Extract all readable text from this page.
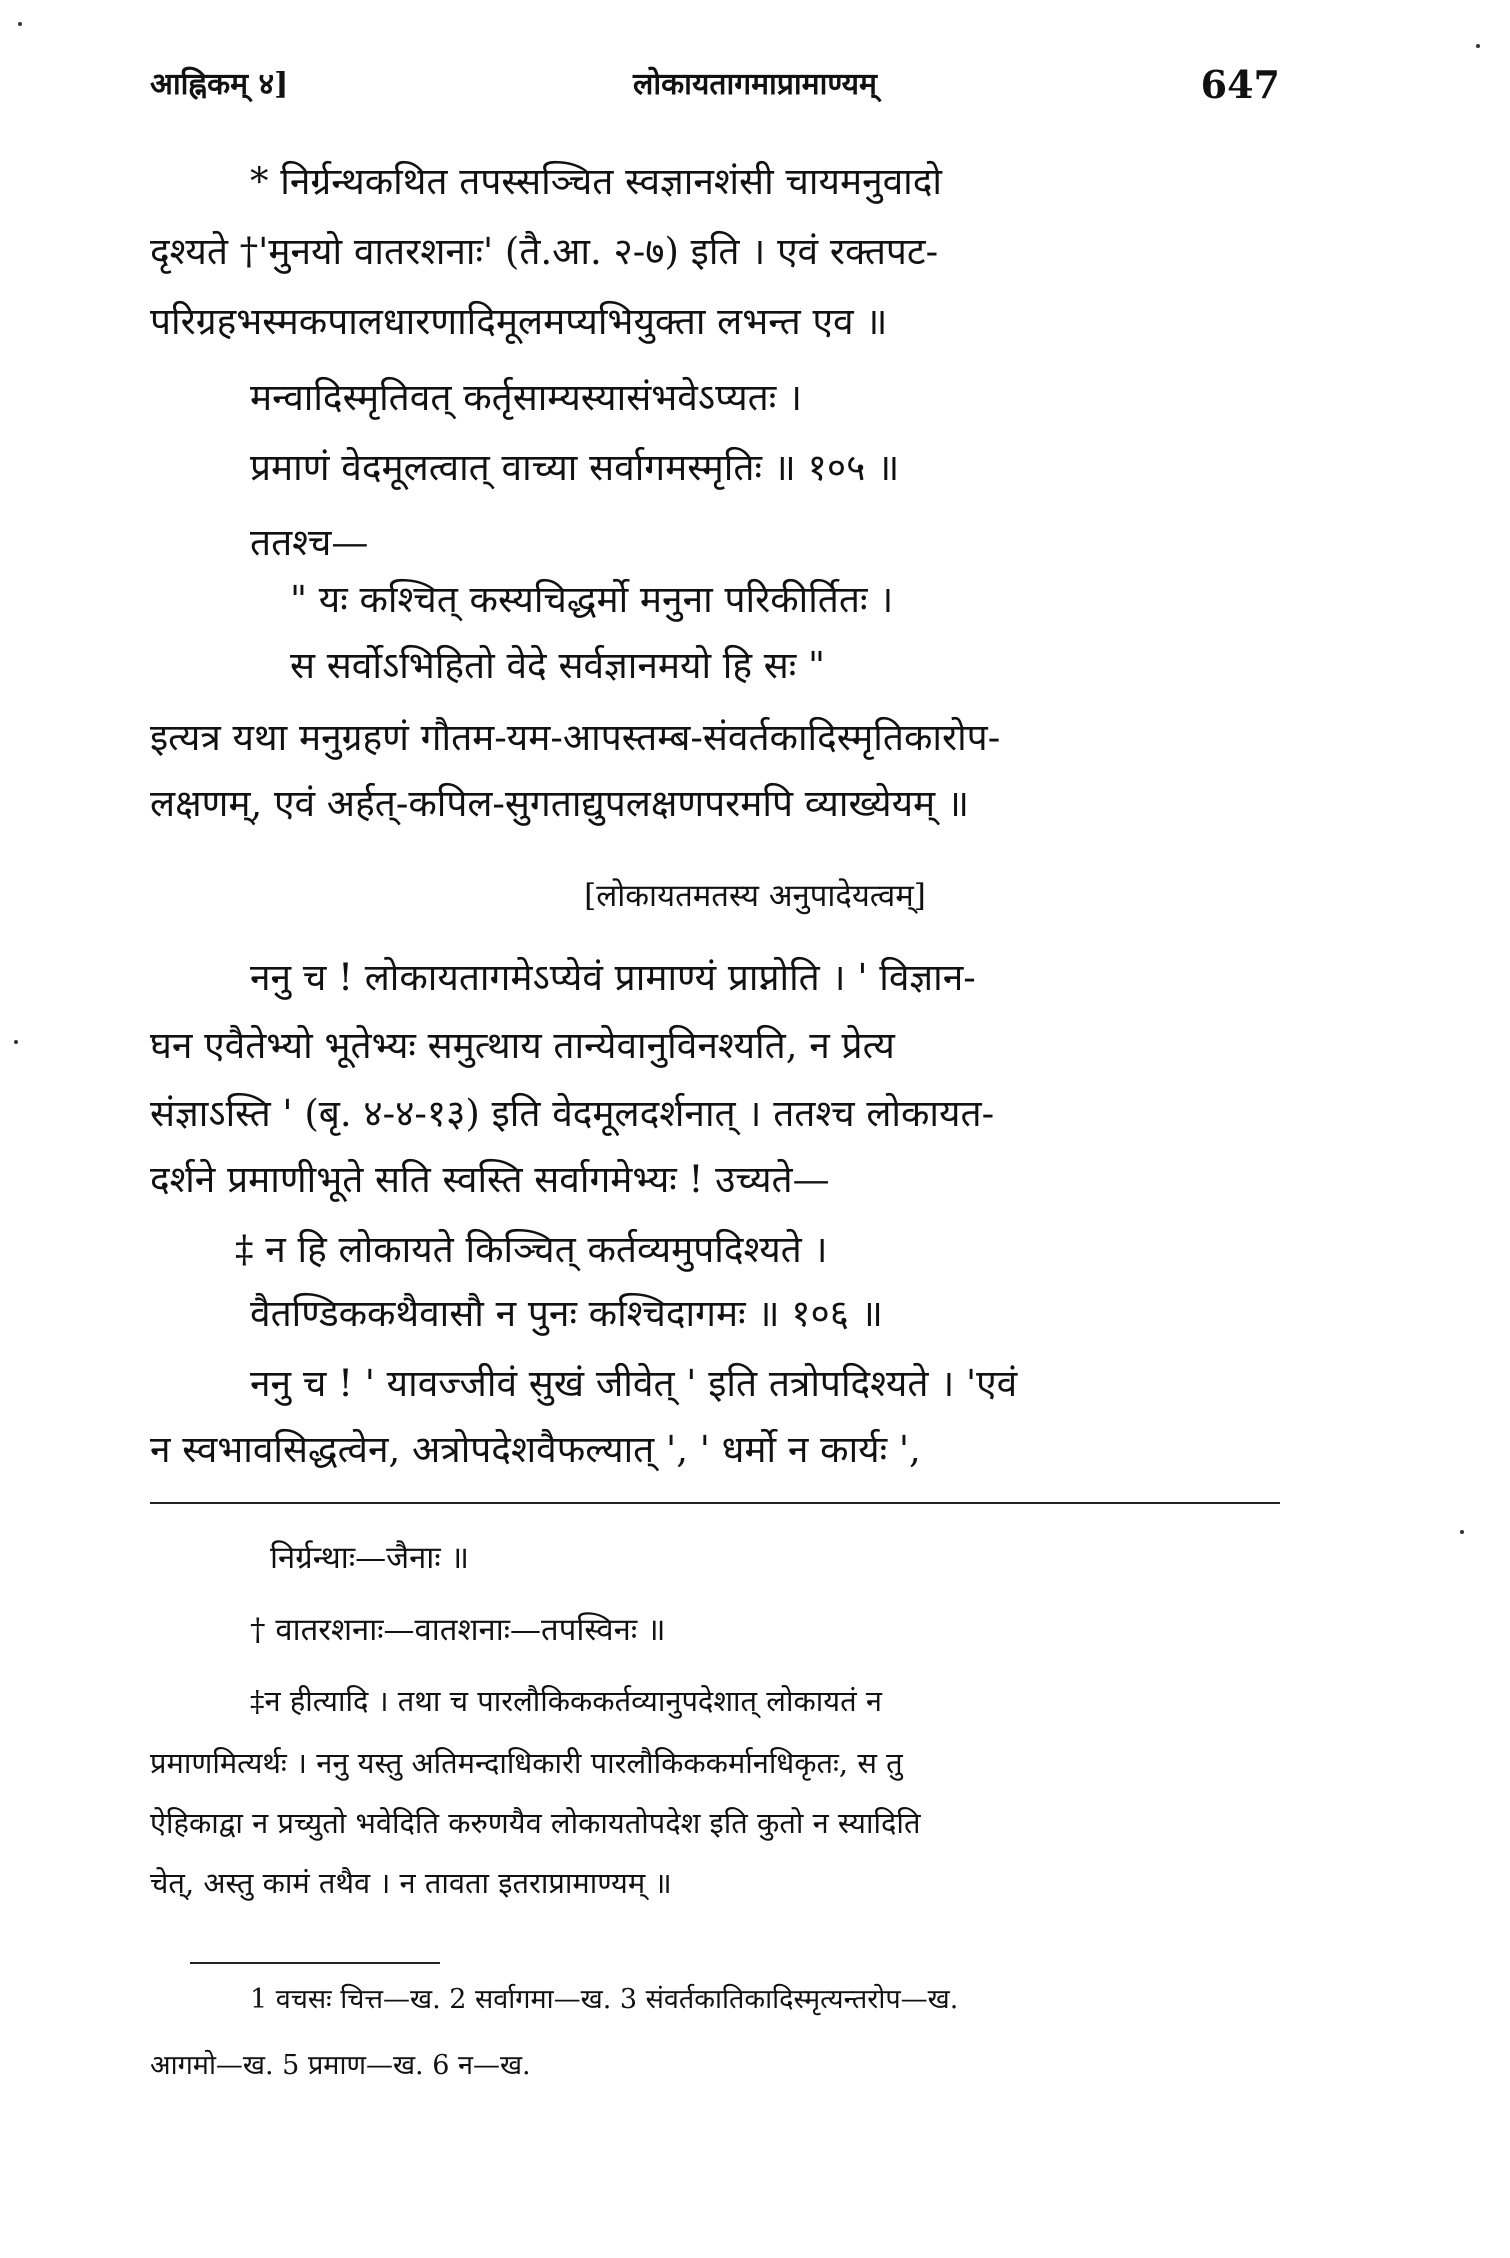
आह्निकम् ४]	लोकायतागमाप्रामाण्यम्	647
* निर्ग्रन्थकथित तपस्सञ्चित स्वज्ञानशंसी चायमनुवादो
दृश्यते †'मुनयो वातरशनाः' (तै.आ. २-७) इति । एवं रक्तपट-
परिग्रहभस्मकपालधारणादिमूलमप्यभियुक्ता लभन्त एव ॥
मन्वादिस्मृतिवत् कर्तृसाम्यस्यासंभवेऽप्यतः ।
प्रमाणं वेदमूलत्वात् वाच्या सर्वागमस्मृतिः ॥ १०५ ॥
ततश्च—
" यः कश्चित् कस्यचिद्धर्मो मनुना परिकीर्तितः ।
स सर्वोऽभिहितो वेदे सर्वज्ञानमयो हि सः "
इत्यत्र यथा मनुग्रहणं गौतम-यम-आपस्तम्ब-संवर्तकादिस्मृतिकारोप-
लक्षणम्, एवं अर्हत्-कपिल-सुगताद्युपलक्षणपरमपि व्याख्येयम् ॥
[लोकायतमतस्य अनुपादेयत्वम्]
ननु च ! लोकायतागमेऽप्येवं प्रामाण्यं प्राप्नोति । ' विज्ञान-
घन एवैतेभ्यो भूतेभ्यः समुत्थाय तान्येवानुविनश्यति, न प्रेत्य
संज्ञाऽस्ति ' (बृ. ४-४-१३) इति वेदमूलदर्शनात् । ततश्च लोकायत-
दर्शने प्रमाणीभूते सति स्वस्ति सर्वागमेभ्यः ! उच्यते—
‡ न हि लोकायते किञ्चित् कर्तव्यमुपदिश्यते ।
वैतण्डिककथैवासौ न पुनः कश्चिदागमः ॥ १०६ ॥
ननु च ! ' यावज्जीवं सुखं जीवेत् ' इति तत्रोपदिश्यते । 'एवं
न स्वभावसिद्धत्वेन, अत्रोपदेशवैफल्यात् ', ' धर्मो न कार्यः ',
निर्ग्रन्थाः—जैनाः ॥
† वातरशनाः—वातशनाः—तपस्विनः ॥
‡न हीत्यादि । तथा च पारलौकिककर्तव्यानुपदेशात् लोकायतं न
प्रमाणमित्यर्थः । ननु यस्तु अतिमन्दाधिकारी पारलौकिककर्मानधिकृतः, स तु
ऐहिकाद्वा न प्रच्युतो भवेदिति करुणयैव लोकायतोपदेश इति कुतो न स्यादिति
चेत्, अस्तु कामं तथैव । न तावता इतराप्रामाण्यम् ॥
1 वचसः चित्त—ख. 2 सर्वागमा—ख. 3 संवर्तकातिकादिस्मृत्यन्तरोप—ख.
आगमो—ख. 5 प्रमाण—ख. 6 न—ख.
